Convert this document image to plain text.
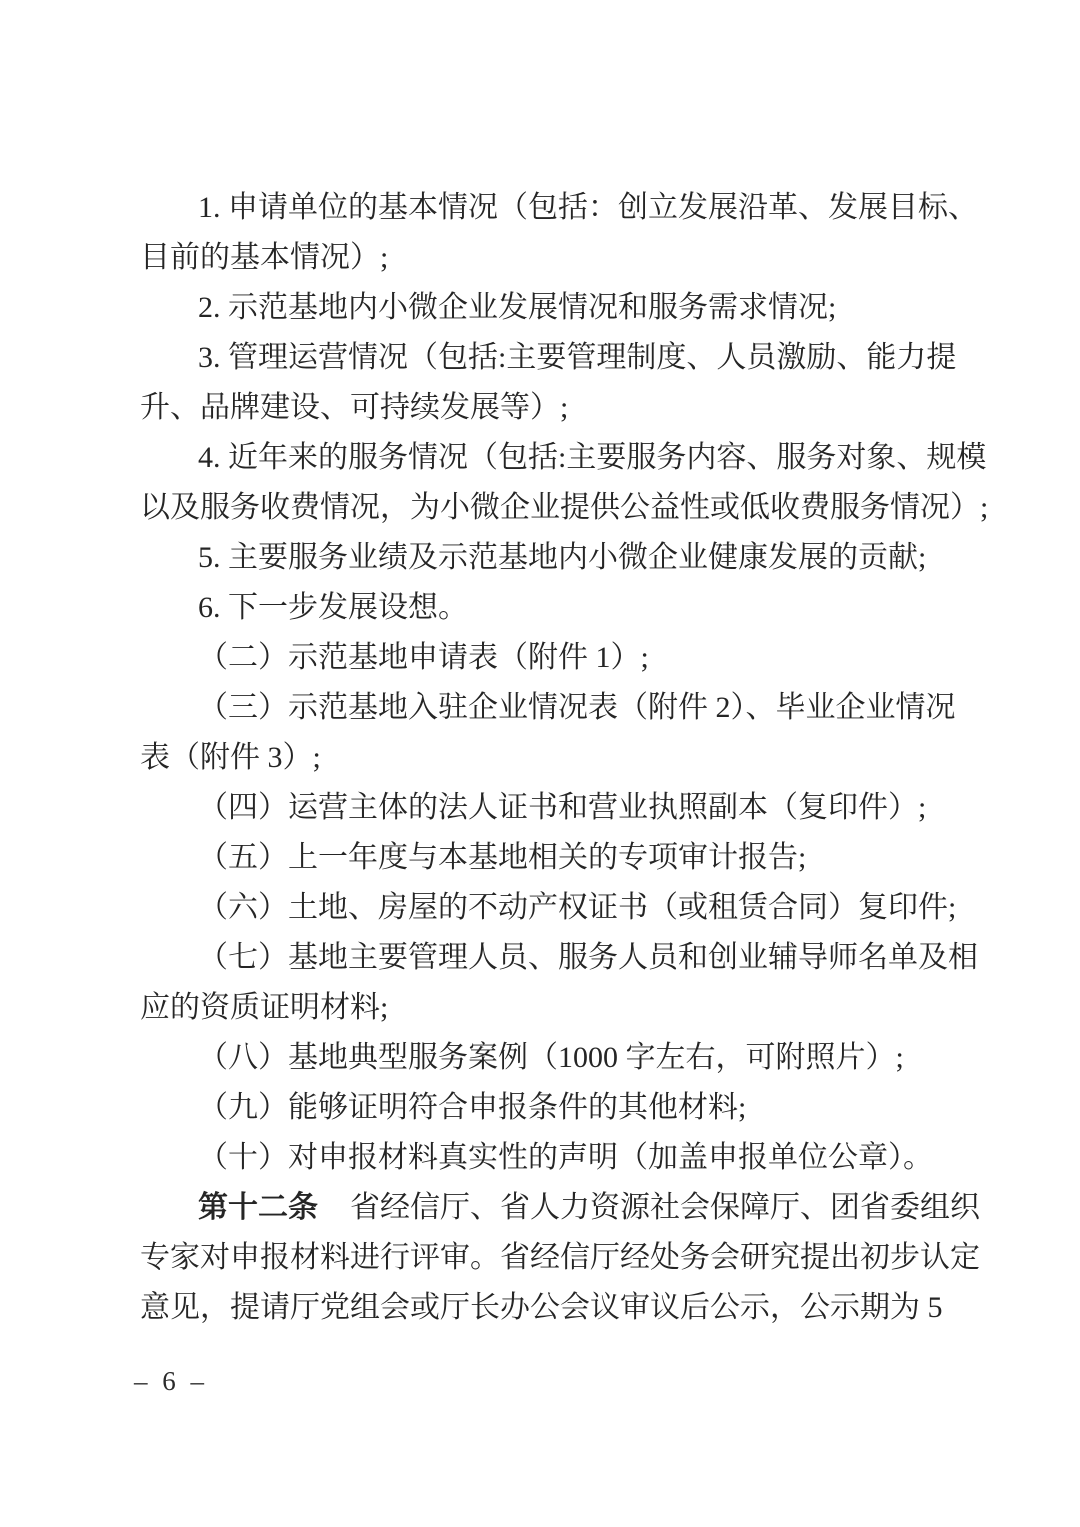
1. 申请单位的基本情况（包括：创立发展沿革、发展目标、
目前的基本情况）;
2. 示范基地内小微企业发展情况和服务需求情况;
3. 管理运营情况（包括:主要管理制度、人员激励、能力提
升、品牌建设、可持续发展等）;
4. 近年来的服务情况（包括:主要服务内容、服务对象、规模
以及服务收费情况，为小微企业提供公益性或低收费服务情况）;
5. 主要服务业绩及示范基地内小微企业健康发展的贡献;
6. 下一步发展设想。
（二）示范基地申请表（附件 1）;
（三）示范基地入驻企业情况表（附件 2）、毕业企业情况
表（附件 3）;
（四）运营主体的法人证书和营业执照副本（复印件）;
（五）上一年度与本基地相关的专项审计报告;
（六）土地、房屋的不动产权证书（或租赁合同）复印件;
（七）基地主要管理人员、服务人员和创业辅导师名单及相
应的资质证明材料;
（八）基地典型服务案例（1000 字左右，可附照片）;
（九）能够证明符合申报条件的其他材料;
（十）对申报材料真实性的声明（加盖申报单位公章）。
第十二条 省经信厅、省人力资源社会保障厅、团省委组织
专家对申报材料进行评审。省经信厅经处务会研究提出初步认定
意见，提请厅党组会或厅长办公会议审议后公示，公示期为 5
– 6 –
